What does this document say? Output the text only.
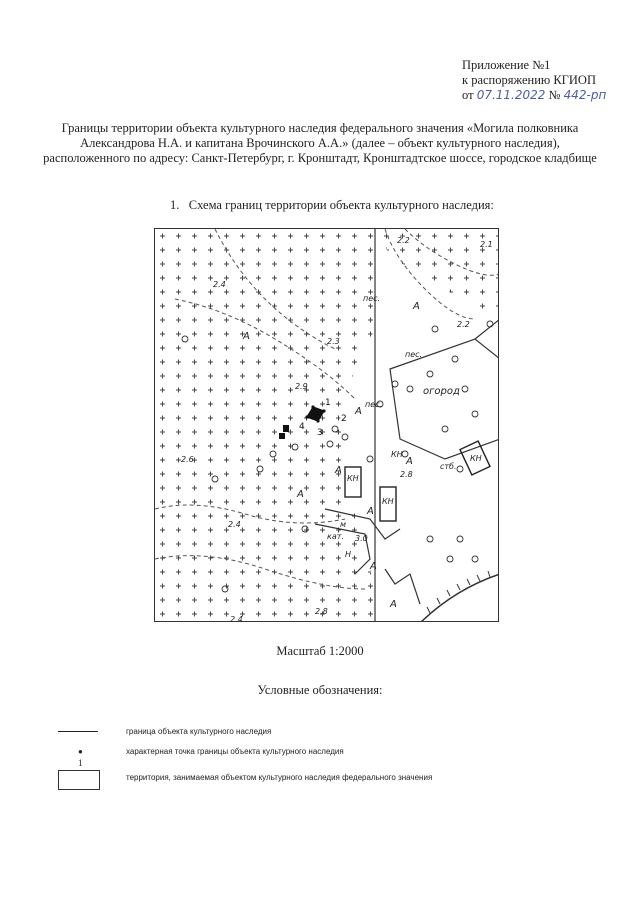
Приложение №1
к распоряжению КГИОП
от 07.11.2022 № 442-рп
Границы территории объекта культурного наследия федерального значения «Могила полковника Александрова Н.А. и капитана Врочинского А.А.» (далее – объект культурного наследия), расположенного по адресу: Санкт-Петербург, г. Кронштадт, Кронштадтское шоссе, городское кладбище
1. Схема границ территории объекта культурного наследия:
A
A
A
A
A
A
A
A
A
2.2	2.1
2.4
2.2
2.3
2.9
2.6
2.8
2.4
3.0
2.8
2.4
пес.
пес.
пес.
огород
стб.
КН
КН
КН
КН
Н
кат.
м
1
2
3
4
Масштаб 1:2000
Условные обозначения:
граница объекта культурного наследия
● 1
характерная точка границы объекта культурного наследия
территория, занимаемая объектом культурного наследия федерального значения
